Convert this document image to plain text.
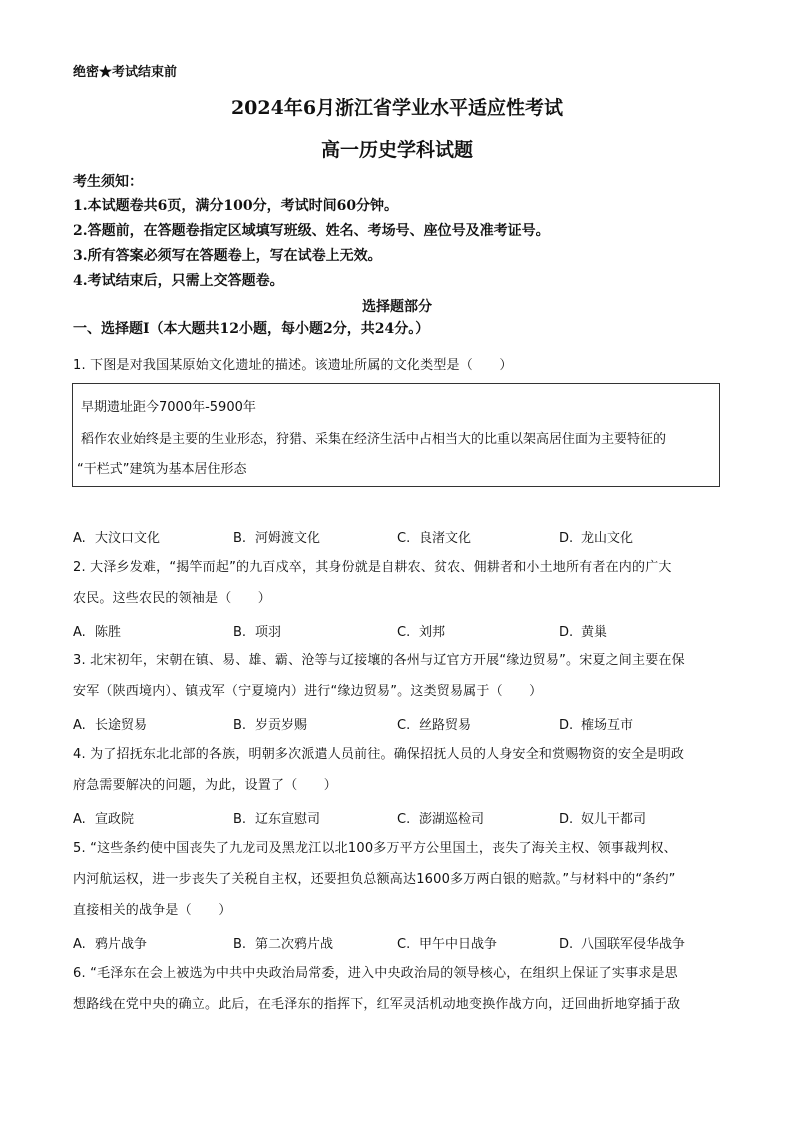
绝密★考试结束前
2024年6月浙江省学业水平适应性考试
高一历史学科试题
考生须知：
1.本试题卷共6页，满分100分，考试时间60分钟。
2.答题前，在答题卷指定区域填写班级、姓名、考场号、座位号及准考证号。
3.所有答案必须写在答题卷上，写在试卷上无效。
4.考试结束后，只需上交答题卷。
选择题部分
一、选择题Ⅰ（本大题共12小题，每小题2分，共24分。）
1. 下图是对我国某原始文化遗址的描述。该遗址所属的文化类型是（　　）
早期遗址距今7000年-5900年
稻作农业始终是主要的生业形态，狩猎、采集在经济生活中占相当大的比重以架高居住面为主要特征的
“干栏式”建筑为基本居住形态
A. 大汶口文化	B. 河姆渡文化	C. 良渚文化	D. 龙山文化
2. 大泽乡发难，“揭竿而起”的九百戍卒，其身份就是自耕农、贫农、佣耕者和小土地所有者在内的广大
农民。这些农民的领袖是（　　）
A. 陈胜	B. 项羽	C. 刘邦	D. 黄巢
3. 北宋初年，宋朝在镇、易、雄、霸、沧等与辽接壤的各州与辽官方开展“缘边贸易”。宋夏之间主要在保
安军（陕西境内）、镇戎军（宁夏境内）进行“缘边贸易”。这类贸易属于（　　）
A. 长途贸易	B. 岁贡岁赐	C. 丝路贸易	D. 榷场互市
4. 为了招抚东北北部的各族，明朝多次派遣人员前往。确保招抚人员的人身安全和赏赐物资的安全是明政
府急需要解决的问题，为此，设置了（　　）
A. 宣政院	B. 辽东宣慰司	C. 澎湖巡检司	D. 奴儿干都司
5. “这些条约使中国丧失了九龙司及黑龙江以北100多万平方公里国土，丧失了海关主权、领事裁判权、
内河航运权，进一步丧失了关税自主权，还要担负总额高达1600多万两白银的赔款。”与材料中的“条约”
直接相关的战争是（　　）
A. 鸦片战争	B. 第二次鸦片战	C. 甲午中日战争	D. 八国联军侵华战争
6. “毛泽东在会上被选为中共中央政治局常委，进入中央政治局的领导核心，在组织上保证了实事求是思
想路线在党中央的确立。此后，在毛泽东的指挥下，红军灵活机动地变换作战方向，迂回曲折地穿插于敌
